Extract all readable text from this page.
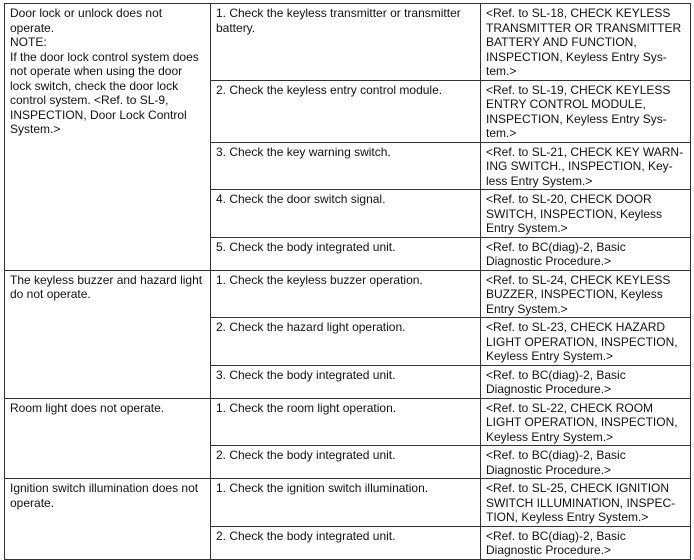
Door lock or unlock does not operate.
NOTE:
If the door lock control system does not operate when using the door lock switch, check the door lock control system. <Ref. to SL-9, INSPECTION, Door Lock Control System.>	1. Check the keyless transmitter or transmitter battery.	<Ref. to SL-18, CHECK KEYLESS TRANSMITTER OR TRANSMITTER BATTERY AND FUNCTION, INSPECTION, Keyless Entry Sys-tem.>
	2. Check the keyless entry control module.	<Ref. to SL-19, CHECK KEYLESS ENTRY CONTROL MODULE, INSPECTION, Keyless Entry Sys-tem.>
	3. Check the key warning switch.	<Ref. to SL-21, CHECK KEY WARN-ING SWITCH., INSPECTION, Key-less Entry System.>
	4. Check the door switch signal.	<Ref. to SL-20, CHECK DOOR SWITCH, INSPECTION, Keyless Entry System.>
	5. Check the body integrated unit.	<Ref. to BC(diag)-2, Basic Diagnostic Procedure.>

The keyless buzzer and hazard light do not operate.	1. Check the keyless buzzer operation.	<Ref. to SL-24, CHECK KEYLESS BUZZER, INSPECTION, Keyless Entry System.>
	2. Check the hazard light operation.	<Ref. to SL-23, CHECK HAZARD LIGHT OPERATION, INSPECTION, Keyless Entry System.>
	3. Check the body integrated unit.	<Ref. to BC(diag)-2, Basic Diagnostic Procedure.>

Room light does not operate.	1. Check the room light operation.	<Ref. to SL-22, CHECK ROOM LIGHT OPERATION, INSPECTION, Keyless Entry System.>
	2. Check the body integrated unit.	<Ref. to BC(diag)-2, Basic Diagnostic Procedure.>

Ignition switch illumination does not operate.	1. Check the ignition switch illumination.	<Ref. to SL-25, CHECK IGNITION SWITCH ILLUMINATION, INSPEC-TION, Keyless Entry System.>
	2. Check the body integrated unit.	<Ref. to BC(diag)-2, Basic Diagnostic Procedure.>
